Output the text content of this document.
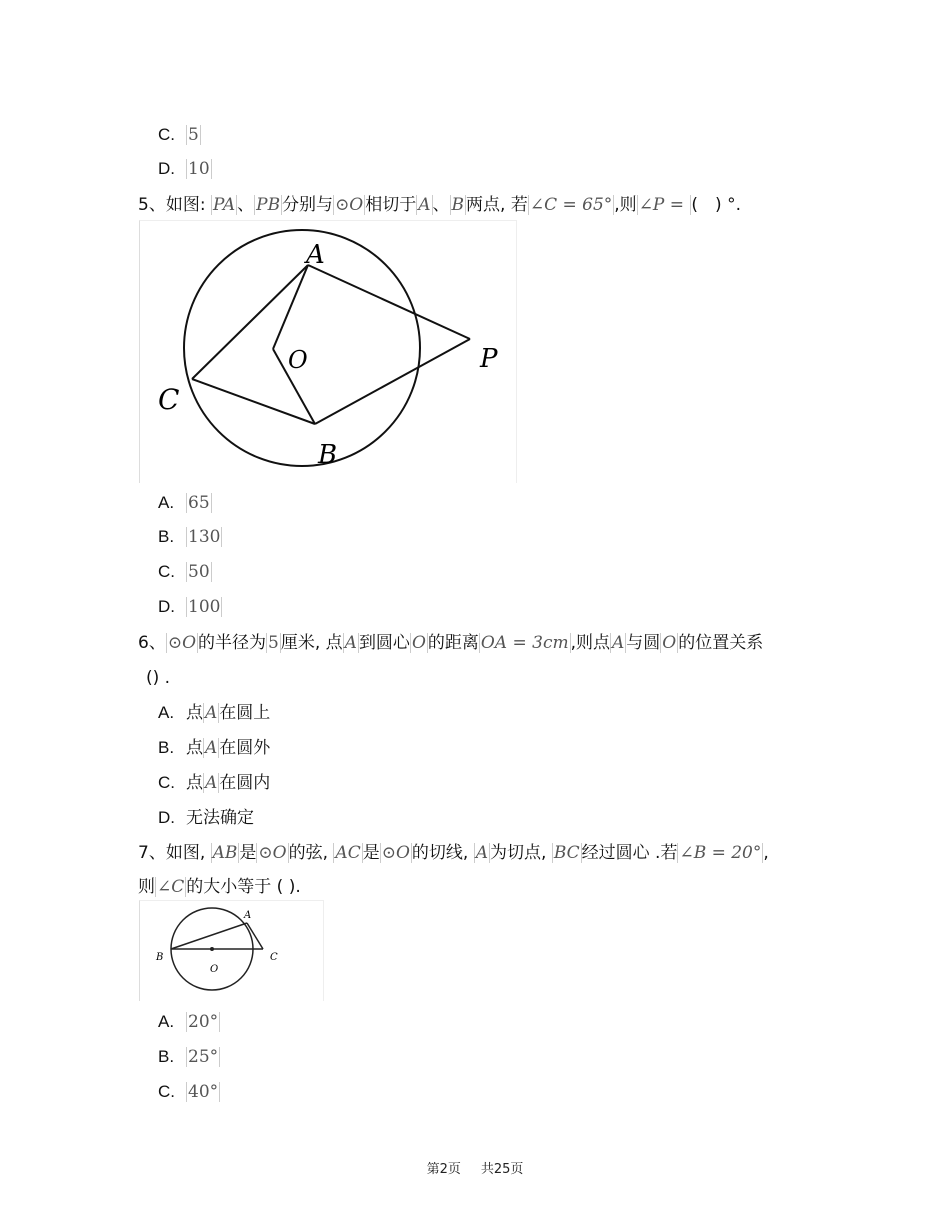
C. 5
D. 10
5、如图: PA 、 PB 分别与 ⊙O 相切于 A 、 B 两点, 若 ∠C = 65° ,则 ∠P = (　) °.
A
O	P
C
B
A. 65
B. 130
C. 50
D. 100
6、 ⊙O 的半径为 5 厘米, 点 A 到圆心 O 的距离 OA = 3cm ,则点 A 与圆 O 的位置关系
() .
A. 点 A 在圆上
B. 点 A 在圆外
C. 点 A 在圆内
D. 无法确定
7、如图, AB 是 ⊙O 的弦, AC 是 ⊙O 的切线, A 为切点, BC 经过圆心 .若 ∠B = 20° ,
则 ∠C 的大小等于 ( ).
A
B
O
C
A. 20°
B. 25°
C. 40°
第2页 共25页
